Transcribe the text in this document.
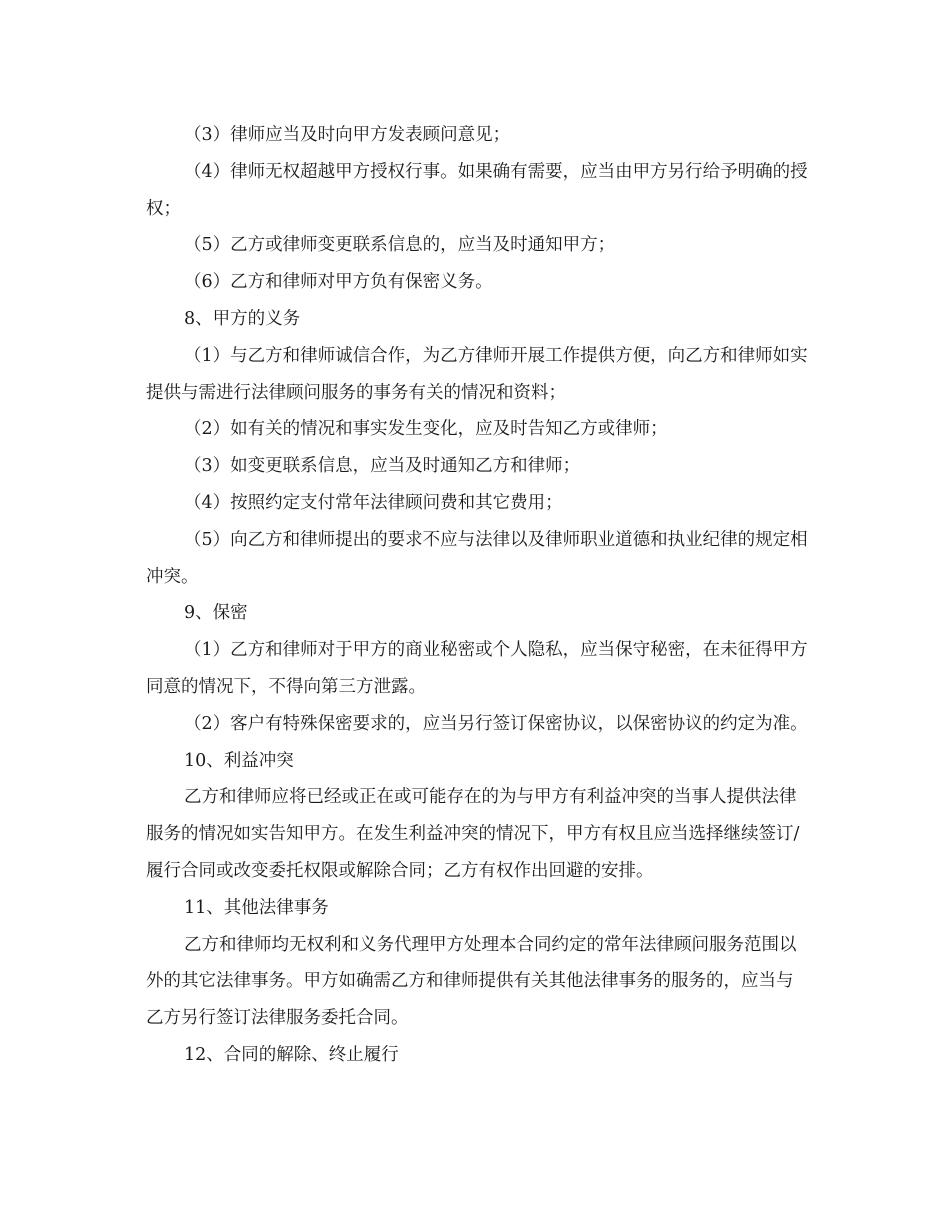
（3）律师应当及时向甲方发表顾问意见；

（4）律师无权超越甲方授权行事。如果确有需要，应当由甲方另行给予明确的授权；

（5）乙方或律师变更联系信息的，应当及时通知甲方；

（6）乙方和律师对甲方负有保密义务。

8、甲方的义务

（1）与乙方和律师诚信合作，为乙方律师开展工作提供方便，向乙方和律师如实提供与需进行法律顾问服务的事务有关的情况和资料；

（2）如有关的情况和事实发生变化，应及时告知乙方或律师；

（3）如变更联系信息，应当及时通知乙方和律师；

（4）按照约定支付常年法律顾问费和其它费用；

（5）向乙方和律师提出的要求不应与法律以及律师职业道德和执业纪律的规定相冲突。

9、保密

（1）乙方和律师对于甲方的商业秘密或个人隐私，应当保守秘密，在未征得甲方同意的情况下，不得向第三方泄露。

（2）客户有特殊保密要求的，应当另行签订保密协议，以保密协议的约定为准。

10、利益冲突

乙方和律师应将已经或正在或可能存在的为与甲方有利益冲突的当事人提供法律服务的情况如实告知甲方。在发生利益冲突的情况下，甲方有权且应当选择继续签订/履行合同或改变委托权限或解除合同；乙方有权作出回避的安排。

11、其他法律事务

乙方和律师均无权利和义务代理甲方处理本合同约定的常年法律顾问服务范围以外的其它法律事务。甲方如确需乙方和律师提供有关其他法律事务的服务的，应当与乙方另行签订法律服务委托合同。

12、合同的解除、终止履行
